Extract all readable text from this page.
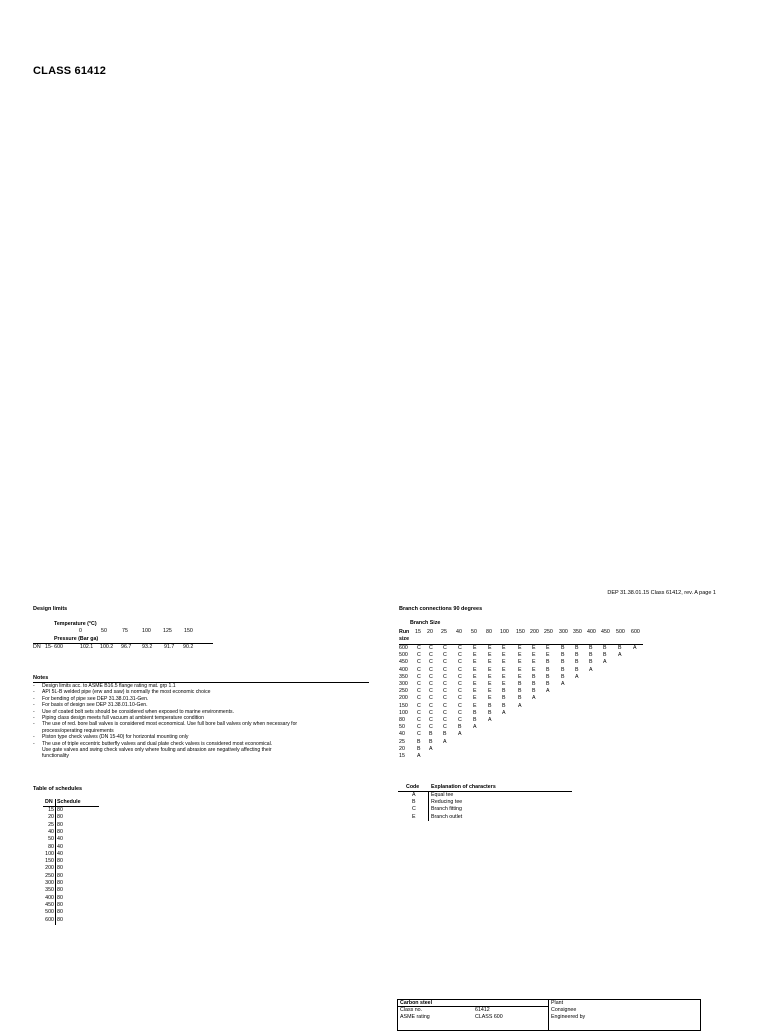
CLASS 61412
DEP 31.38.01.15 Class 61412, rev. A page 1
Design limits
Temperature (°C)
0	50	75	100 125 150
Pressure (Bar ga)
DN 15- 600	102.1 100.2 96.7 93.2 91.7 90.2
Notes
- Design limits acc. to ASME B16.5 flange rating mat. grp 1.1
- API 5L-B welded pipe (erw and saw) is normally the most economic choice
- For bending of pipe see DEP 31.38.01.31-Gen.
- For basis of design see DEP 31.38.01.10-Gen.
- Use of coated bolt sets should be considered when exposed to marine environments.
- Piping class design meets full vacuum at ambient temperature condition
- The use of red. bore ball valves is considered most economical. Use full bore ball valves only when necessary for
process/operating requirements
- Piston type check valves (DN 15-40) for horizontal mounting only
- The use of triple eccentric butterfly valves and dual plate check valves is considered most economical.
Use gate valves and swing check valves only where fouling and abrasion are negatively affecting their
functionality
Table of schedules
DN Schedule
15 80
20 80
25 80
40 80
50 40
80 40
100 40
150 80
200 80
250 80
300 80
350 80
400 80
450 80
500 80
600 80
Branch connections 90 degrees
Branch Size
Run 15 20 25 40 50 80 100 150 200 250 300 350 400 450 500 600
size
600 C C C C E E E E E E B B B B B A
500 C C C C E E E E E E B B B B A
450 C C C C E E E E E B B B B A
400 C C C C E E E E E B B B A
350 C C C C E E E E B B B A
300 C C C C E E E B B B A
250 C C C C E E B B B A
200 C C C C E E B B A
150 C C C C E B B A
100 C C C C B B A
80 C C C C B A
50 C C C B A
40 C B B A
25 B B A
20 B A
15 A
Code Explanation of characters
A	Equal tee
B	Reducing tee
C	Branch fitting
E	Branch outlet
Carbon steel
Class no.	61412
ASME rating	CLASS 600
Plant
Consignee
Engineered by
